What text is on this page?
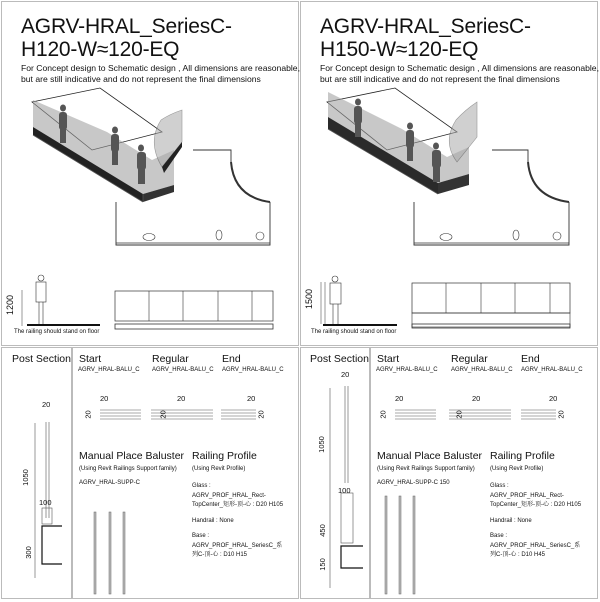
AGRV-HRAL_SeriesC-
H120-W≈120-EQ
For Concept design to Schematic design , All dimensions are reasonable,
but are still indicative and do not represent the final dimensions
1200
The railing should stand on floor
AGRV-HRAL_SeriesC-
H150-W≈120-EQ
For Concept design to Schematic design , All dimensions are reasonable,
but are still indicative and do not represent the final dimensions
1500
The railing should stand on floor
Post Section
20
1050
100
300
Start	Regular	End
AGRV_HRAL-BALU_C AGRV_HRAL-BALU_C AGRV_HRAL-BALU_C
20	20	20
20	20	20
Manual Place Baluster
(Using Revit Railings Support family)
AGRV_HRAL-SUPP-C
Railing Profile
(Using Revit Profile)
Glass :
AGRV_PROF_HRAL_Rect-
TopCenter_矩形-顶-心 : D20 H105
Handrail : None
Base :
AGRV_PROF_HRAL_SeriesC_系
列C-顶-心 : D10 H15
Post Section
20
1050
100
450
150
Start	Regular	End
AGRV_HRAL-BALU_C AGRV_HRAL-BALU_C AGRV_HRAL-BALU_C
20	20	20
20	20	20
Manual Place Baluster
(Using Revit Railings Support family)
AGRV_HRAL-SUPP-C 150
Railing Profile
(Using Revit Profile)
Glass :
AGRV_PROF_HRAL_Rect-
TopCenter_矩形-顶-心 : D20 H105
Handrail : None
Base :
AGRV_PROF_HRAL_SeriesC_系
列C-顶-心 : D10 H45
